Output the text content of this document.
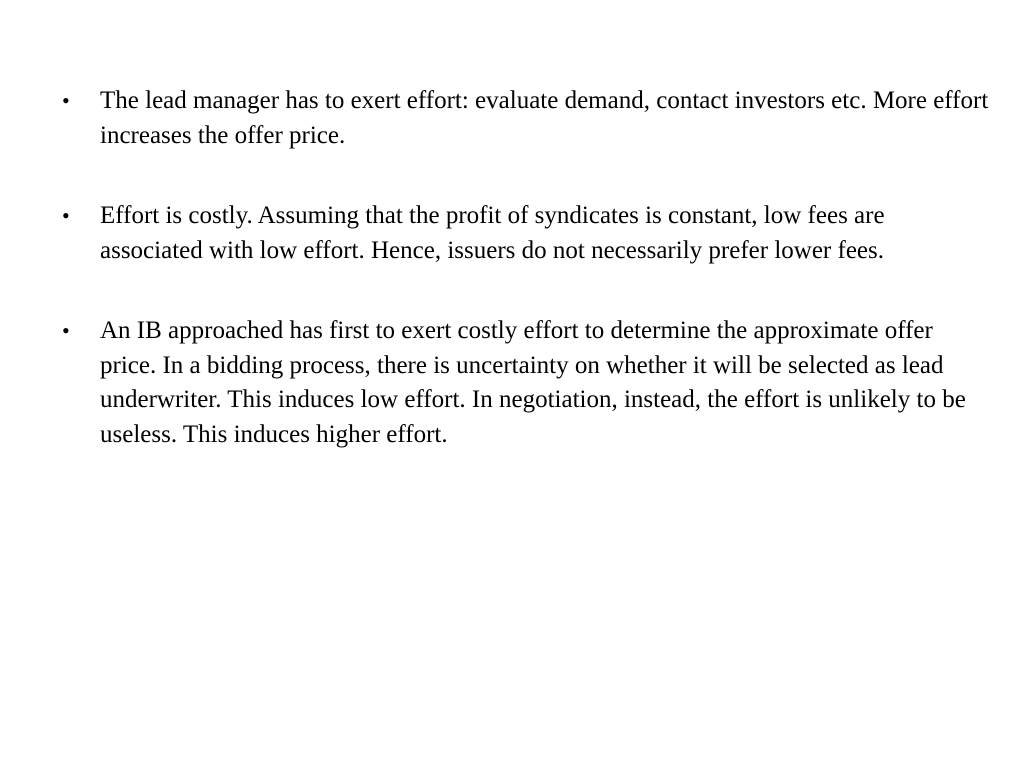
•	The lead manager has to exert effort: evaluate demand, contact investors etc. More effort increases the offer price.
•	Effort is costly. Assuming that the profit of syndicates is constant, low fees are associated with low effort. Hence, issuers do not necessarily prefer lower fees.
•	An IB approached has first to exert costly effort to determine the approximate offer price. In a bidding process, there is uncertainty on whether it will be selected as lead underwriter. This induces low effort. In negotiation, instead, the effort is unlikely to be useless. This induces higher effort.
